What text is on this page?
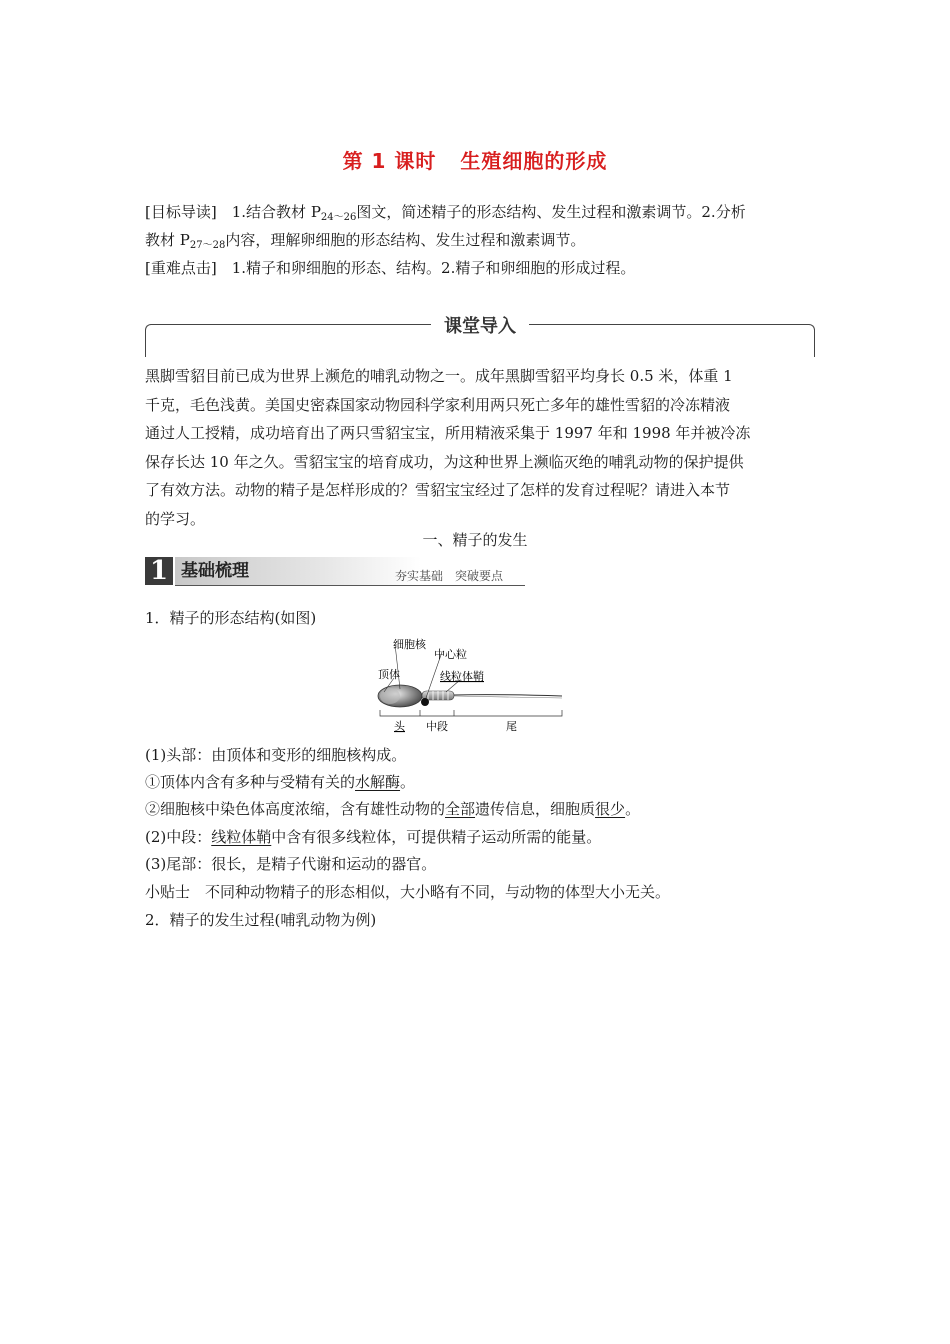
第 1 课时 生殖细胞的形成
[目标导读]　 1.结合教材 $P_{24\sim 26}$图文，简述精子的形态结构、发生过程和激素调节。2.分析
教材 $P_{27\sim 28}$内容，理解卵细胞的形态结构、发生过程和激素调节。
[重难点击]　 1.精子和卵细胞的形态、结构。2.精子和卵细胞的形成过程。
课堂导入
黑脚雪貂目前已成为世界上濒危的哺乳动物之一。成年黑脚雪貂平均身长 0.5 米，体重 1
千克，毛色浅黄。美国史密森国家动物园科学家利用两只死亡多年的雄性雪貂的冷冻精液
通过人工授精，成功培育出了两只雪貂宝宝，所用精液采集于 1997 年和 1998 年并被冷冻
保存长达 10 年之久。雪貂宝宝的培育成功，为这种世界上濒临灭绝的哺乳动物的保护提供
了有效方法。动物的精子是怎样形成的？雪貂宝宝经过了怎样的发育过程呢？请进入本节
的学习。
一、精子的发生
1 基础梳理	夯实基础　突破要点
1．精子的形态结构(如图)
细胞核
中心粒
顶体	线粒体鞘
头 中段	尾
(1)头部：由顶体和变形的细胞核构成。
①顶体内含有多种与受精有关的水解酶。
②细胞核中染色体高度浓缩，含有雄性动物的全部遗传信息，细胞质很少。
(2)中段：线粒体鞘中含有很多线粒体，可提供精子运动所需的能量。
(3)尾部：很长，是精子代谢和运动的器官。
小贴士　不同种动物精子的形态相似，大小略有不同，与动物的体型大小无关。
2．精子的发生过程(哺乳动物为例)
